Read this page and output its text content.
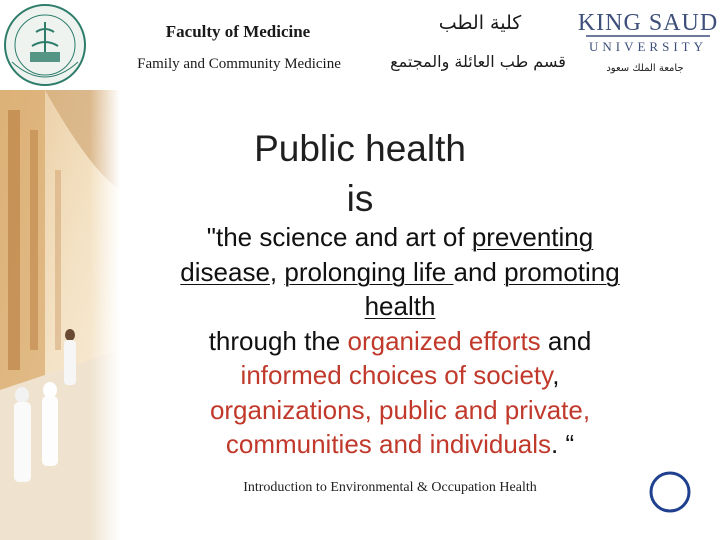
Faculty of Medicine
Family and Community Medicine
كلية الطب
قسم طب العائلة والمجتمع
KING SAUD
UNIVERSITY
جامعة الملك سعود
Public health
is
"the science and art of preventing
disease, prolonging life and promoting
health
through the organized efforts and
informed choices of society,
organizations, public and private,
communities and individuals. “
Introduction to Environmental & Occupation Health
